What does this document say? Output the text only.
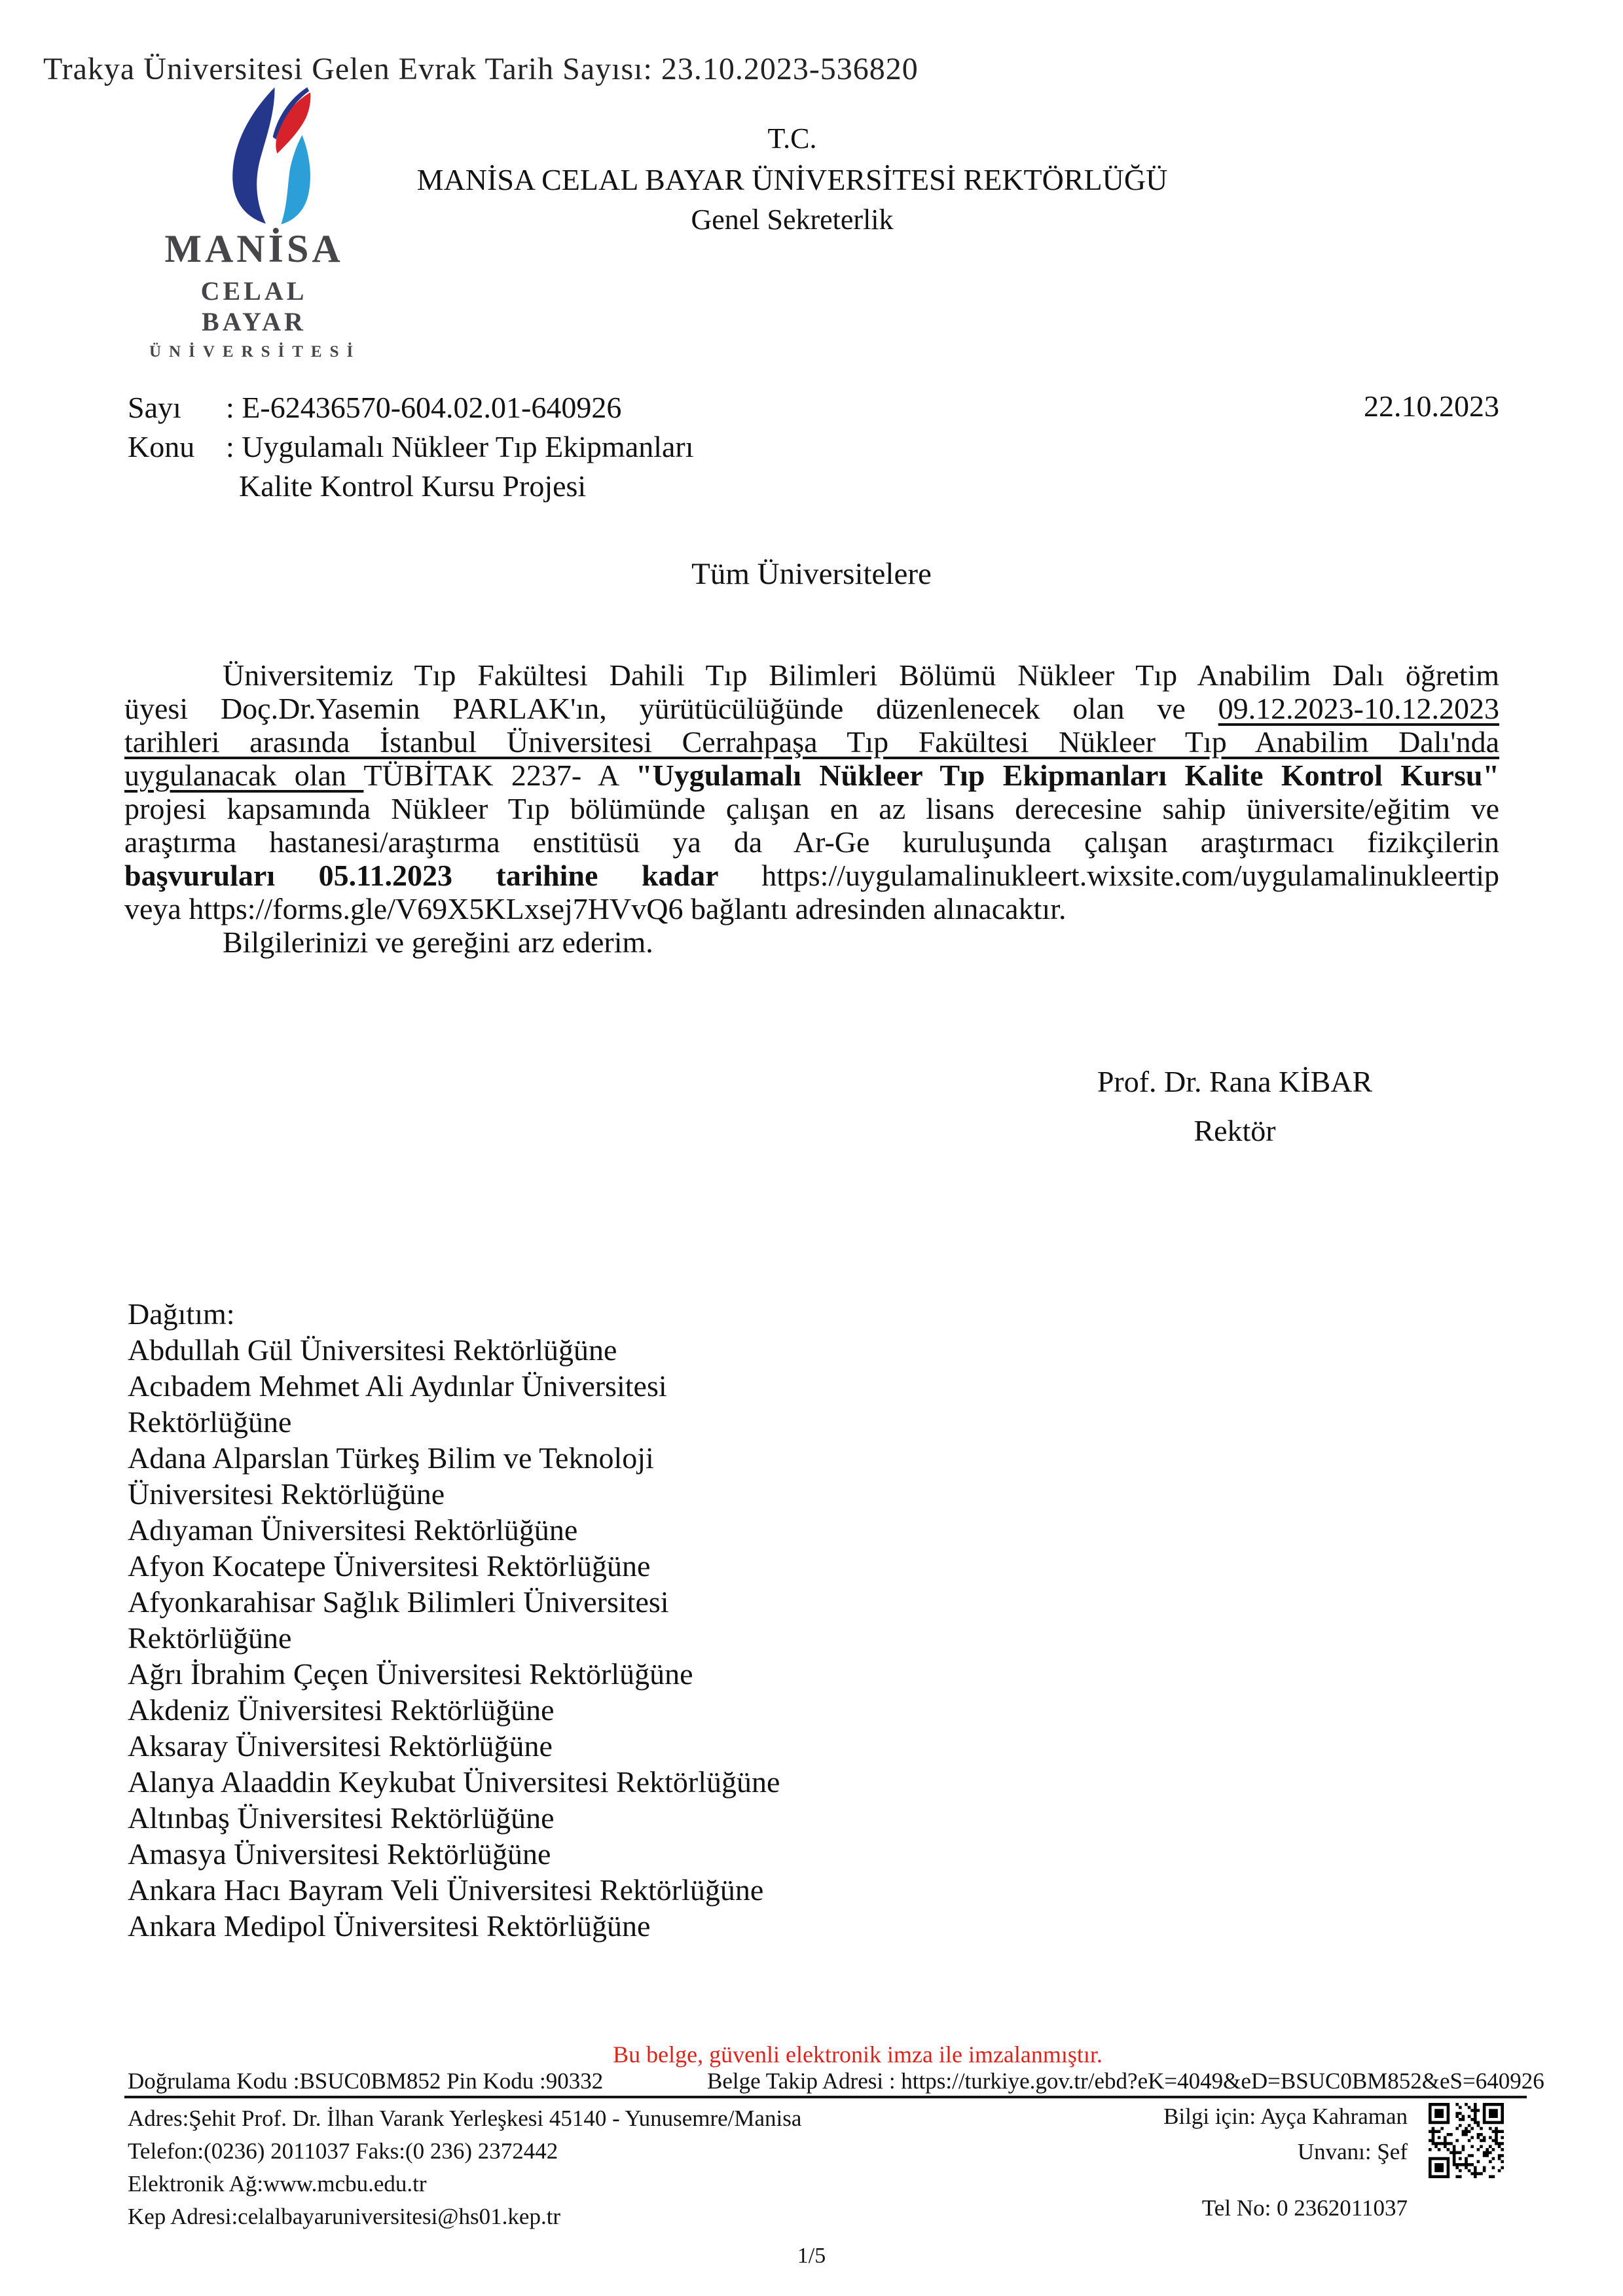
Trakya Üniversitesi Gelen Evrak Tarih Sayısı: 23.10.2023-536820
MANİSA
CELAL BAYAR
ÜNİVERSİTESİ
T.C.
MANİSA CELAL BAYAR ÜNİVERSİTESİ REKTÖRLÜĞÜ
Genel Sekreterlik
Sayı : E-62436570-604.02.01-640926	22.10.2023
Konu : Uygulamalı Nükleer Tıp Ekipmanları
Kalite Kontrol Kursu Projesi
Tüm Üniversitelere
Üniversitemiz Tıp Fakültesi Dahili Tıp Bilimleri Bölümü Nükleer Tıp Anabilim Dalı öğretim
üyesi Doç.Dr.Yasemin PARLAK'ın, yürütücülüğünde düzenlenecek olan ve 09.12.2023-10.12.2023
tarihleri arasında İstanbul Üniversitesi Cerrahpaşa Tıp Fakültesi Nükleer Tıp Anabilim Dalı'nda
uygulanacak olan TÜBİTAK 2237- A "Uygulamalı Nükleer Tıp Ekipmanları Kalite Kontrol Kursu"
projesi kapsamında Nükleer Tıp bölümünde çalışan en az lisans derecesine sahip üniversite/eğitim ve
araştırma hastanesi/araştırma enstitüsü ya da Ar-Ge kuruluşunda çalışan araştırmacı fizikçilerin
başvuruları 05.11.2023 tarihine kadar https://uygulamalinukleert.wixsite.com/uygulamalinukleertip
veya https://forms.gle/V69X5KLxsej7HVvQ6 bağlantı adresinden alınacaktır.
Bilgilerinizi ve gereğini arz ederim.
Prof. Dr. Rana KİBAR
Rektör
Dağıtım:
Abdullah Gül Üniversitesi Rektörlüğüne
Acıbadem Mehmet Ali Aydınlar Üniversitesi Rektörlüğüne
Adana Alparslan Türkeş Bilim ve Teknoloji Üniversitesi Rektörlüğüne
Adıyaman Üniversitesi Rektörlüğüne
Afyon Kocatepe Üniversitesi Rektörlüğüne
Afyonkarahisar Sağlık Bilimleri Üniversitesi Rektörlüğüne
Ağrı İbrahim Çeçen Üniversitesi Rektörlüğüne
Akdeniz Üniversitesi Rektörlüğüne
Aksaray Üniversitesi Rektörlüğüne
Alanya Alaaddin Keykubat Üniversitesi Rektörlüğüne
Altınbaş Üniversitesi Rektörlüğüne
Amasya Üniversitesi Rektörlüğüne
Ankara Hacı Bayram Veli Üniversitesi Rektörlüğüne
Ankara Medipol Üniversitesi Rektörlüğüne
Bu belge, güvenli elektronik imza ile imzalanmıştır.
Doğrulama Kodu :BSUC0BM852 Pin Kodu :90332	Belge Takip Adresi : https://turkiye.gov.tr/ebd?eK=4049&eD=BSUC0BM852&eS=640926
Adres:Şehit Prof. Dr. İlhan Varank Yerleşkesi 45140 - Yunusemre/Manisa
Telefon:(0236) 2011037 Faks:(0 236) 2372442
Elektronik Ağ:www.mcbu.edu.tr
Kep Adresi:celalbayaruniversitesi@hs01.kep.tr
Bilgi için: Ayça Kahraman
Unvanı: Şef
Tel No: 0 2362011037
1/5
